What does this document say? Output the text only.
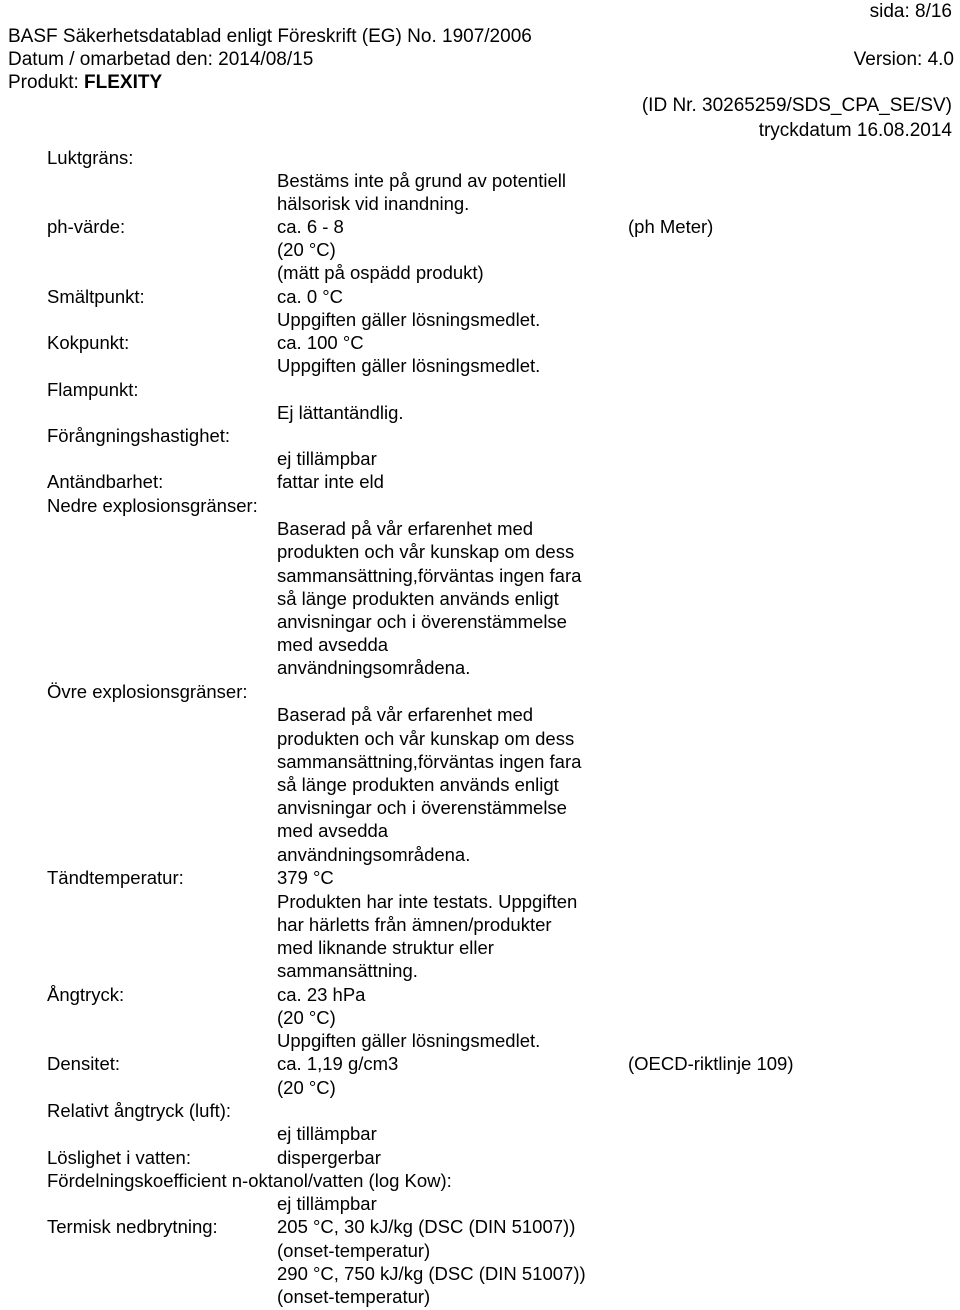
sida: 8/16
BASF Säkerhetsdatablad enligt Föreskrift (EG) No. 1907/2006
Datum / omarbetad den: 2014/08/15	Version: 4.0
Produkt: FLEXITY
(ID Nr. 30265259/SDS_CPA_SE/SV)
tryckdatum 16.08.2014
Luktgräns:
Bestäms inte på grund av potentiell
hälsorisk vid inandning.
ph-värde:	ca. 6 - 8	(ph Meter)
(20 °C)
(mätt på ospädd produkt)
Smältpunkt:	ca. 0 °C
Uppgiften gäller lösningsmedlet.
Kokpunkt:	ca. 100 °C
Uppgiften gäller lösningsmedlet.
Flampunkt:
Ej lättantändlig.
Förångningshastighet:
ej tillämpbar
Antändbarhet:	fattar inte eld
Nedre explosionsgränser:
Baserad på vår erfarenhet med
produkten och vår kunskap om dess
sammansättning,förväntas ingen fara
så länge produkten används enligt
anvisningar och i överenstämmelse
med avsedda
användningsområdena.
Övre explosionsgränser:
Baserad på vår erfarenhet med
produkten och vår kunskap om dess
sammansättning,förväntas ingen fara
så länge produkten används enligt
anvisningar och i överenstämmelse
med avsedda
användningsområdena.
Tändtemperatur:	379 °C
Produkten har inte testats. Uppgiften
har härletts från ämnen/produkter
med liknande struktur eller
sammansättning.
Ångtryck:	ca. 23 hPa
(20 °C)
Uppgiften gäller lösningsmedlet.
Densitet:	ca. 1,19 g/cm3	(OECD-riktlinje 109)
(20 °C)
Relativt ångtryck (luft):
ej tillämpbar
Löslighet i vatten:	dispergerbar
Fördelningskoefficient n-oktanol/vatten (log Kow):
ej tillämpbar
Termisk nedbrytning:	205 °C, 30 kJ/kg (DSC (DIN 51007))
(onset-temperatur)
290 °C, 750 kJ/kg (DSC (DIN 51007))
(onset-temperatur)
